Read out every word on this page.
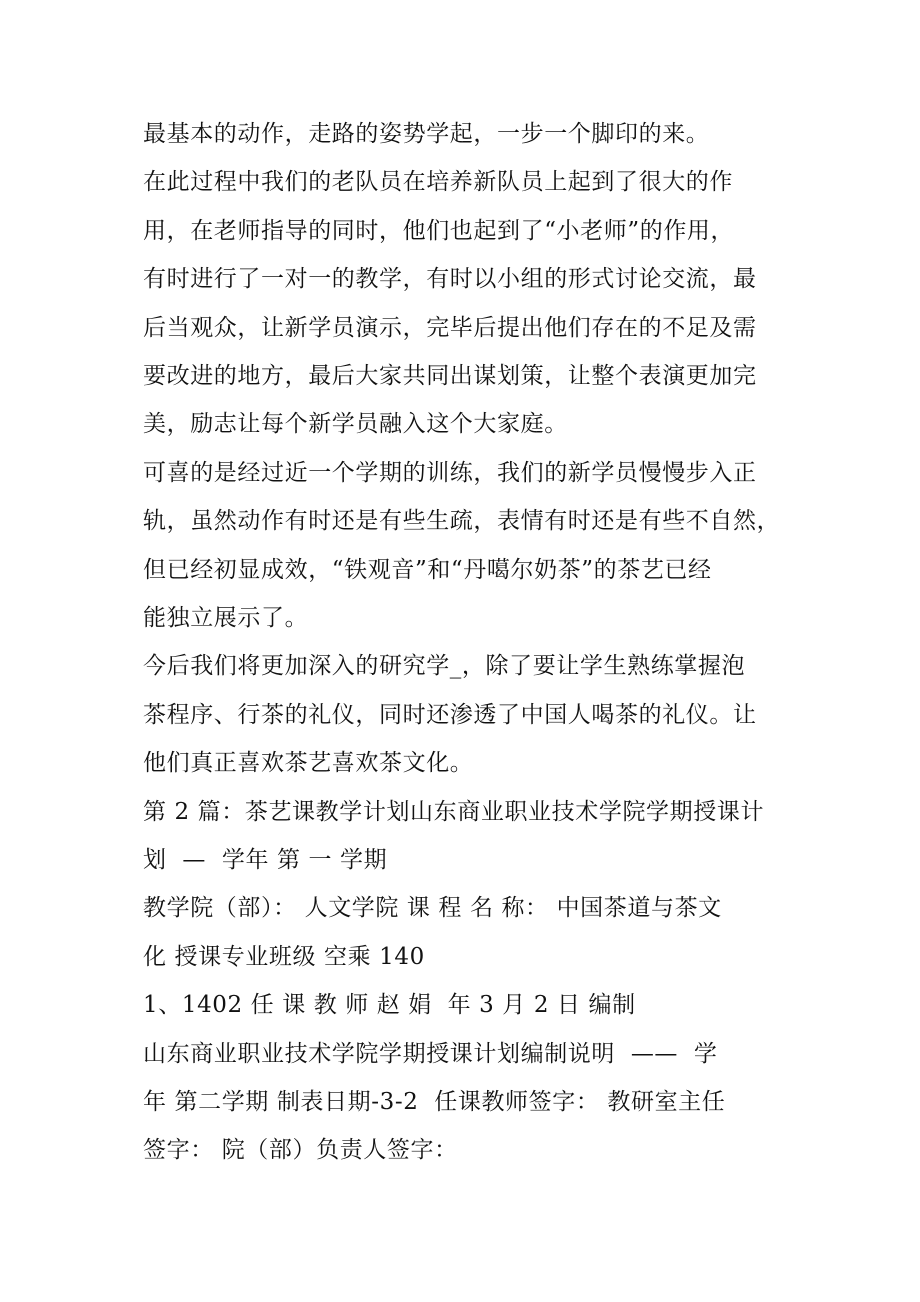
最基本的动作，走路的姿势学起，一步一个脚印的来。
在此过程中我们的老队员在培养新队员上起到了很大的作
用，在老师指导的同时，他们也起到了“小老师”的作用，
有时进行了一对一的教学，有时以小组的形式讨论交流，最
后当观众，让新学员演示，完毕后提出他们存在的不足及需
要改进的地方，最后大家共同出谋划策，让整个表演更加完
美，励志让每个新学员融入这个大家庭。
可喜的是经过近一个学期的训练，我们的新学员慢慢步入正
轨，虽然动作有时还是有些生疏，表情有时还是有些不自然，
但已经初显成效，“铁观音”和“丹噶尔奶茶”的茶艺已经
能独立展示了。
今后我们将更加深入的研究学_，除了要让学生熟练掌握泡
茶程序、行茶的礼仪，同时还渗透了中国人喝茶的礼仪。让
他们真正喜欢茶艺喜欢茶文化。
第 2 篇：茶艺课教学计划山东商业职业技术学院学期授课计
划  —  学年 第 一 学期
教学院（部）： 人文学院 课 程 名 称： 中国茶道与茶文
化 授课专业班级 空乘 140
1、1402 任 课 教 师 赵 娟  年 3 月 2 日 编制
山东商业职业技术学院学期授课计划编制说明  ——  学
年 第二学期 制表日期-3-2  任课教师签字： 教研室主任
签字： 院（部）负责人签字：
